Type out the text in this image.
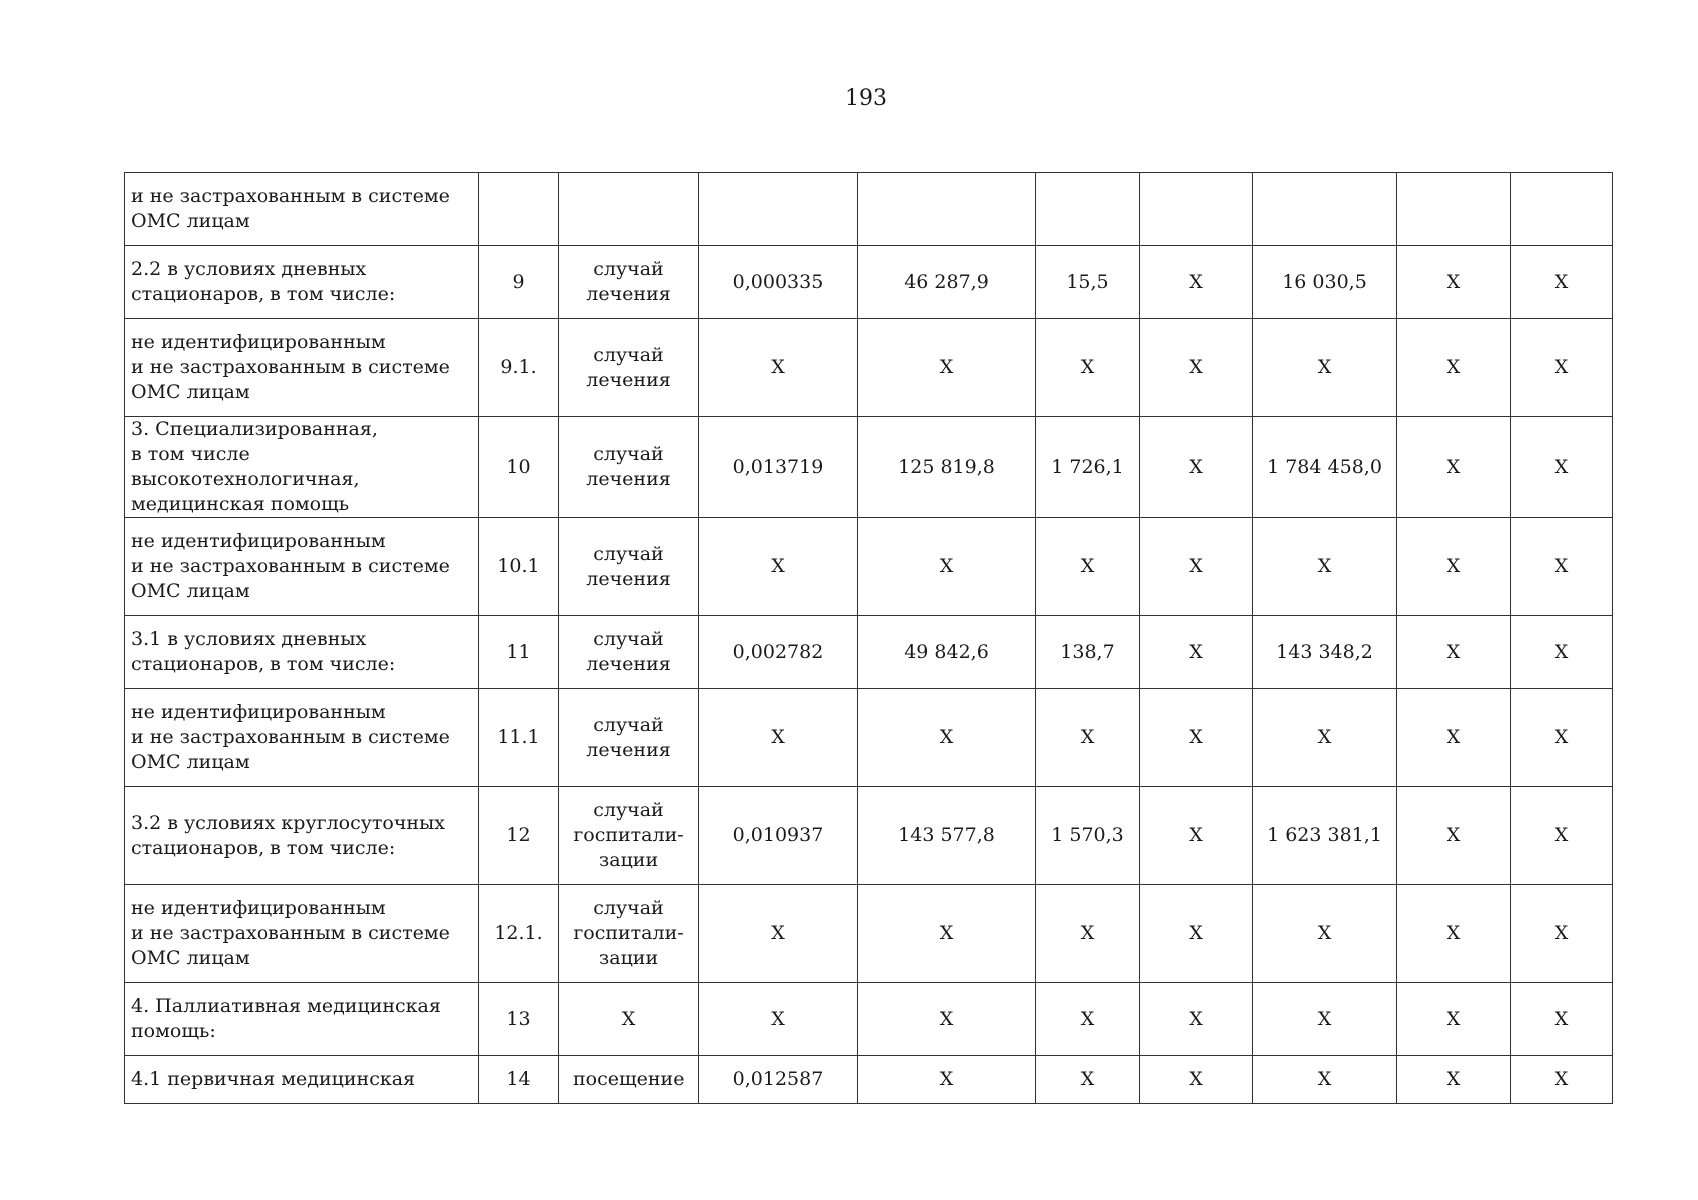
193
и не застрахованным в системе
ОМС лицам									

2.2 в условиях дневных
стационаров, в том числе:	9	случай лечения	0,000335	46 287,9	15,5	X	16 030,5	X	X

не идентифицированным
и не застрахованным в системе
ОМС лицам	9.1.	случай лечения	X	X	X	X	X	X	X

3. Специализированная,
в том числе высокотехнологичная,
медицинская помощь	10	случай лечения	0,013719	125 819,8	1 726,1	X	1 784 458,0	X	X

не идентифицированным
и не застрахованным в системе
ОМС лицам	10.1	случай лечения	X	X	X	X	X	X	X

3.1 в условиях дневных
стационаров, в том числе:	11	случай лечения	0,002782	49 842,6	138,7	X	143 348,2	X	X

не идентифицированным
и не застрахованным в системе
ОМС лицам	11.1	случай лечения	X	X	X	X	X	X	X

3.2 в условиях круглосуточных
стационаров, в том числе:	12	случай госпитали- зации	0,010937	143 577,8	1 570,3	X	1 623 381,1	X	X

не идентифицированным
и не застрахованным в системе
ОМС лицам	12.1.	случай госпитали- зации	X	X	X	X	X	X	X

4. Паллиативная медицинская
помощь:	13	X	X	X	X	X	X	X	X

4.1 первичная медицинская	14	посещение	0,012587	X	X	X	X	X	X
